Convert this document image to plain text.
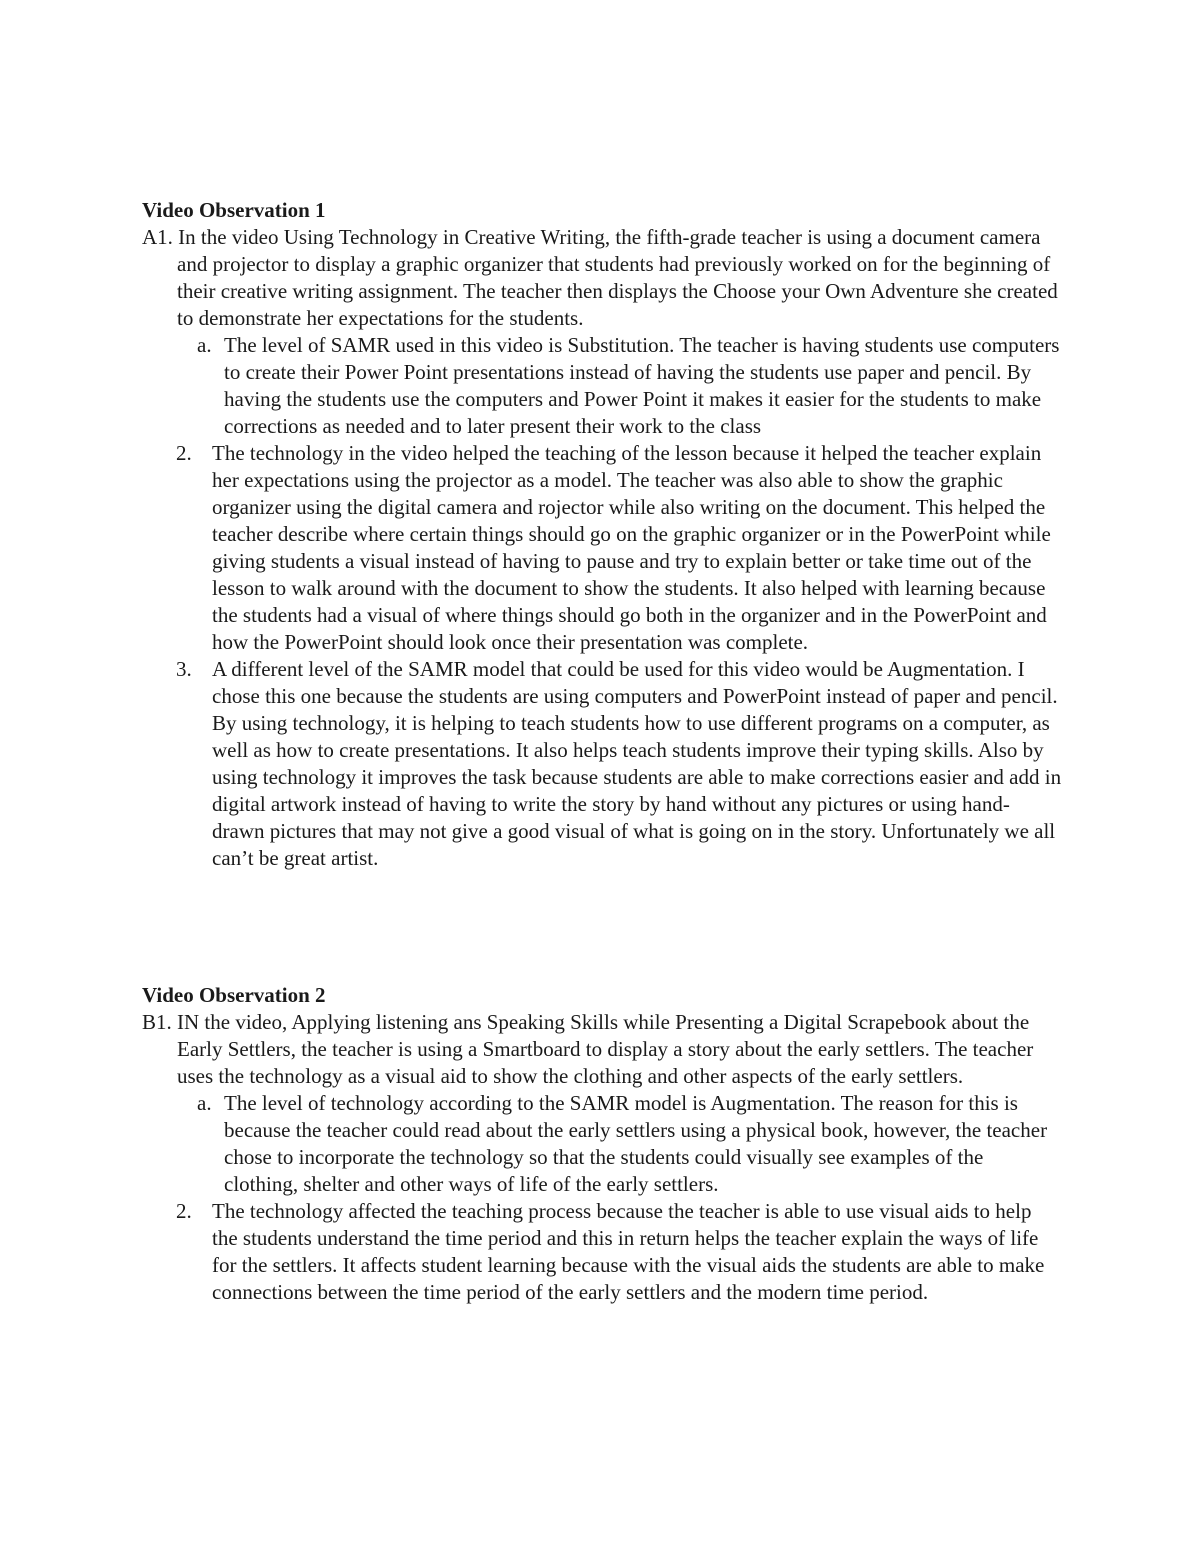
Video Observation 1

A1. In the video Using Technology in Creative Writing, the fifth-grade teacher is using a document camera and projector to display a graphic organizer that students had previously worked on for the beginning of their creative writing assignment. The teacher then displays the Choose your Own Adventure she created to demonstrate her expectations for the students.

a. The level of SAMR used in this video is Substitution. The teacher is having students use computers to create their Power Point presentations instead of having the students use paper and pencil. By having the students use the computers and Power Point it makes it easier for the students to make corrections as needed and to later present their work to the class

2. The technology in the video helped the teaching of the lesson because it helped the teacher explain her expectations using the projector as a model. The teacher was also able to show the graphic organizer using the digital camera and rojector while also writing on the document. This helped the teacher describe where certain things should go on the graphic organizer or in the PowerPoint while giving students a visual instead of having to pause and try to explain better or take time out of the lesson to walk around with the document to show the students. It also helped with learning because the students had a visual of where things should go both in the organizer and in the PowerPoint and how the PowerPoint should look once their presentation was complete.

3. A different level of the SAMR model that could be used for this video would be Augmentation. I chose this one because the students are using computers and PowerPoint instead of paper and pencil. By using technology, it is helping to teach students how to use different programs on a computer, as well as how to create presentations. It also helps teach students improve their typing skills. Also by using technology it improves the task because students are able to make corrections easier and add in digital artwork instead of having to write the story by hand without any pictures or using hand-drawn pictures that may not give a good visual of what is going on in the story. Unfortunately we all can’t be great artist.

Video Observation 2

B1. IN the video, Applying listening ans Speaking Skills while Presenting a Digital Scrapebook about the Early Settlers, the teacher is using a Smartboard to display a story about the early settlers. The teacher uses the technology as a visual aid to show the clothing and other aspects of the early settlers.

a. The level of technology according to the SAMR model is Augmentation. The reason for this is because the teacher could read about the early settlers using a physical book, however, the teacher chose to incorporate the technology so that the students could visually see examples of the clothing, shelter and other ways of life of the early settlers.

2. The technology affected the teaching process because the teacher is able to use visual aids to help the students understand the time period and this in return helps the teacher explain the ways of life for the settlers. It affects student learning because with the visual aids the students are able to make connections between the time period of the early settlers and the modern time period.
